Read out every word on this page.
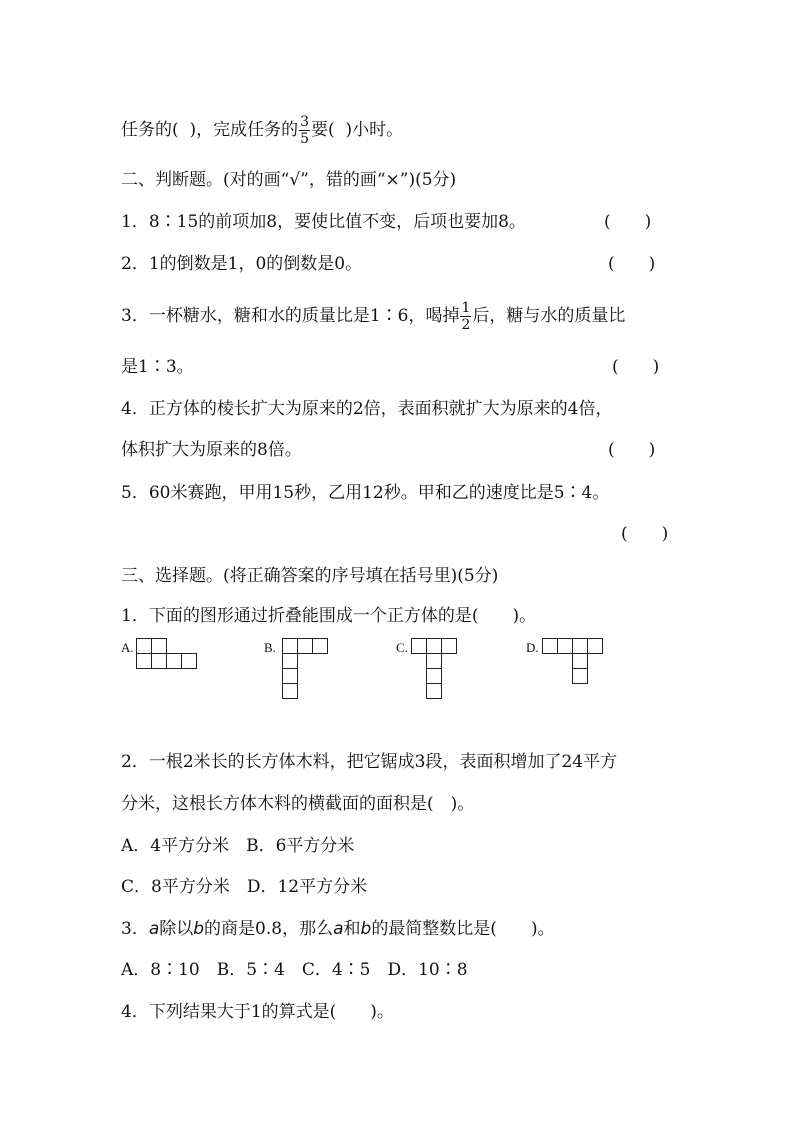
任务的(  )，完成任务的 $\frac{3}{5}$ 要(  )小时。
二、判断题。(对的画“√”，错的画“×”)(5分)
1．8∶15的前项加8，要使比值不变，后项也要加8。	(　　)
2．1的倒数是1，0的倒数是0。	(　　)
3．一杯糖水，糖和水的质量比是1∶6，喝掉 $\frac{1}{2}$ 后，糖与水的质量比
是1∶3。	(　　)
4．正方体的棱长扩大为原来的2倍，表面积就扩大为原来的4倍，
体积扩大为原来的8倍。	(　　)
5．60米赛跑，甲用15秒，乙用12秒。甲和乙的速度比是5∶4。
(　　)
三、选择题。(将正确答案的序号填在括号里)(5分)
1．下面的图形通过折叠能围成一个正方体的是(　　)。
A.	B.	C.	D.
2．一根2米长的长方体木料，把它锯成3段，表面积增加了24平方
分米，这根长方体木料的横截面的面积是(　)。
A．4平方分米　B．6平方分米
C．8平方分米　D．12平方分米
3．a除以b的商是0.8，那么a和b的最简整数比是(　　)。
A．8∶10　B．5∶4　C．4∶5　D．10∶8
4．下列结果大于1的算式是(　　)。
